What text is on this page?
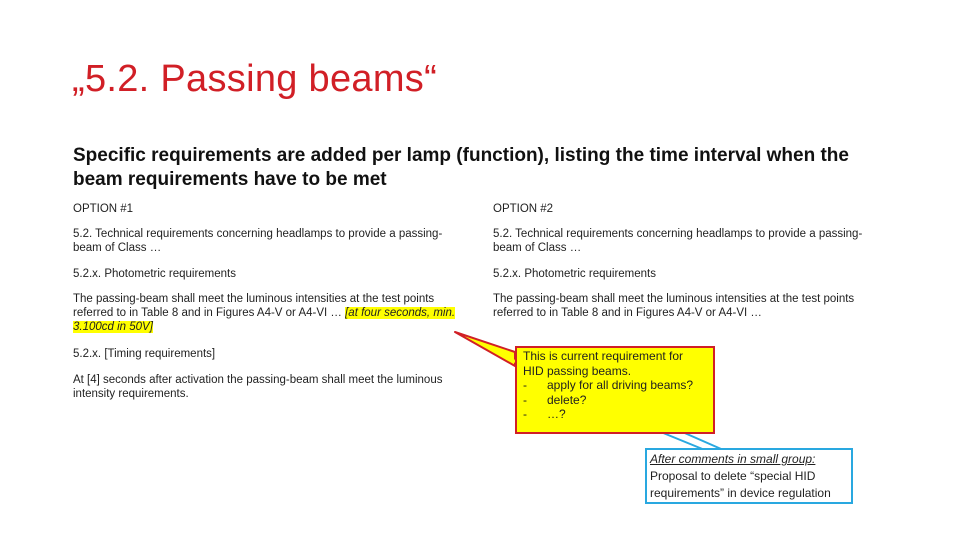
„5.2. Passing beams“
Specific requirements are added per lamp (function), listing the time interval when the beam requirements have to be met
OPTION #1
5.2. Technical requirements concerning headlamps to provide a passing-beam of Class …
5.2.x. Photometric requirements
The passing-beam shall meet the luminous intensities at the test points referred to in Table 8 and in Figures A4-V or A4-VI … [at four seconds, min. 3.100cd in 50V]
5.2.x. [Timing requirements]
At [4] seconds after activation the passing-beam shall meet the luminous intensity requirements.
OPTION #2
5.2. Technical requirements concerning headlamps to provide a passing-beam of Class …
5.2.x. Photometric requirements
The passing-beam shall meet the luminous intensities at the test points referred to in Table 8 and in Figures A4-V or A4-VI …
This is current requirement for HID passing beams.
-	apply for all driving beams?
-	delete?
-	…?
After comments in small group:
Proposal to delete “special HID requirements” in device regulation
